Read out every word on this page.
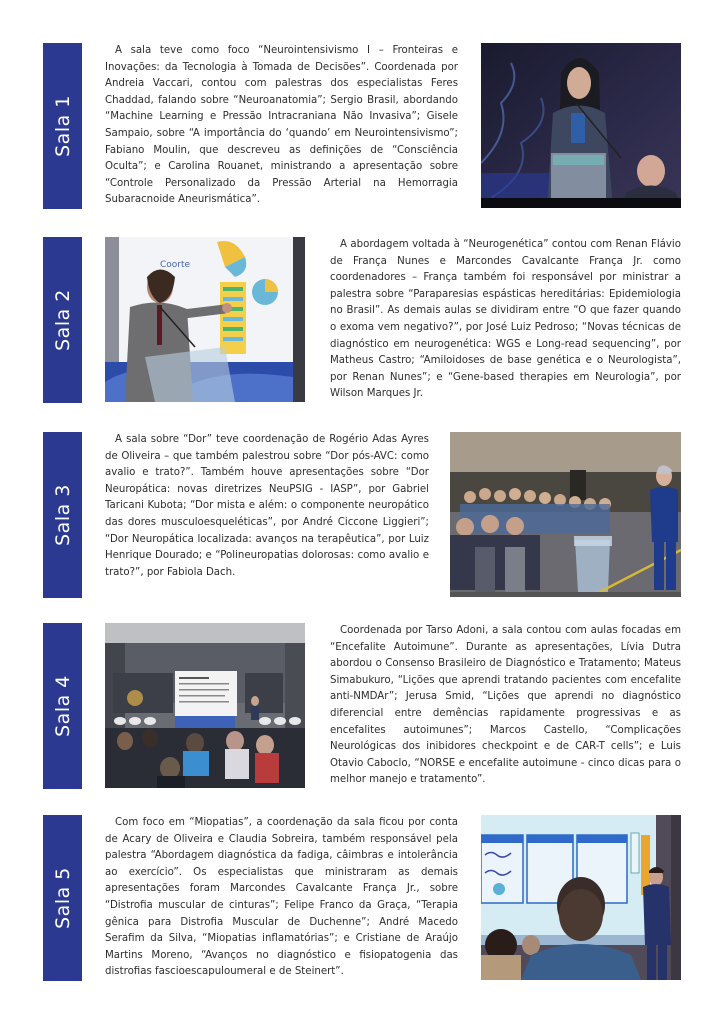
Sala 1

A sala teve como foco “Neurointensivismo I – Fronteiras e Inovações: da Tecnologia à Tomada de Decisões”. Coordenada por Andreia Vaccari, contou com palestras dos especialistas Feres Chaddad, falando sobre “Neuroanatomia”; Sergio Brasil, abordando “Machine Learning e Pressão Intracraniana Não Invasiva”; Gisele Sampaio, sobre “A importância do ‘quando’ em Neurointensivismo”; Fabiano Moulin, que descreveu as definições de “Consciência Oculta”; e Carolina Rouanet, ministrando a apresentação sobre “Controle Personalizado da Pressão Arterial na Hemorragia Subaracnoide Aneurismática”.

Sala 2
Coorte

A abordagem voltada à “Neurogenética” contou com Renan Flávio de França Nunes e Marcondes Cavalcante França Jr. como coordenadores – França também foi responsável por ministrar a palestra sobre “Paraparesias espásticas hereditárias: Epidemiologia no Brasil”. As demais aulas se dividiram entre “O que fazer quando o exoma vem negativo?”, por José Luiz Pedroso; “Novas técnicas de diagnóstico em neurogenética: WGS e Long-read sequencing”, por Matheus Castro; “Amiloidoses de base genética e o Neurologista”, por Renan Nunes”; e “Gene-based therapies em Neurologia”, por Wilson Marques Jr.

Sala 3

A sala sobre “Dor” teve coordenação de Rogério Adas Ayres de Oliveira – que também palestrou sobre “Dor pós-AVC: como avalio e trato?”. Também houve apresentações sobre “Dor Neuropática: novas diretrizes NeuPSIG - IASP”, por Gabriel Taricani Kubota; “Dor mista e além: o componente neuropático das dores musculoesqueléticas”, por André Ciccone Liggieri”; “Dor Neuropática localizada: avanços na terapêutica”, por Luiz Henrique Dourado; e “Polineuropatias dolorosas: como avalio e trato?”, por Fabiola Dach.

Sala 4

Coordenada por Tarso Adoni, a sala contou com aulas focadas em “Encefalite Autoimune”. Durante as apresentações, Lívia Dutra abordou o Consenso Brasileiro de Diagnóstico e Tratamento; Mateus Simabukuro, “Lições que aprendi tratando pacientes com encefalite anti-NMDAr”; Jerusa Smid, “Lições que aprendi no diagnóstico diferencial entre demências rapidamente progressivas e as encefalites autoimunes”; Marcos Castello, “Complicações Neurológicas dos inibidores checkpoint e de CAR-T cells”; e Luis Otavio Caboclo, “NORSE e encefalite autoimune - cinco dicas para o melhor manejo e tratamento”.

Sala 5

Com foco em “Miopatias”, a coordenação da sala ficou por conta de Acary de Oliveira e Claudia Sobreira, também responsável pela palestra “Abordagem diagnóstica da fadiga, câimbras e intolerância ao exercício”. Os especialistas que ministraram as demais apresentações foram Marcondes Cavalcante França Jr., sobre “Distrofia muscular de cinturas”; Felipe Franco da Graça, “Terapia gênica para Distrofia Muscular de Duchenne”; André Macedo Serafim da Silva, “Miopatias inflamatórias”; e Cristiane de Araújo Martins Moreno, “Avanços no diagnóstico e fisiopatogenia das distrofias fascioescapuloumeral e de Steinert”.
